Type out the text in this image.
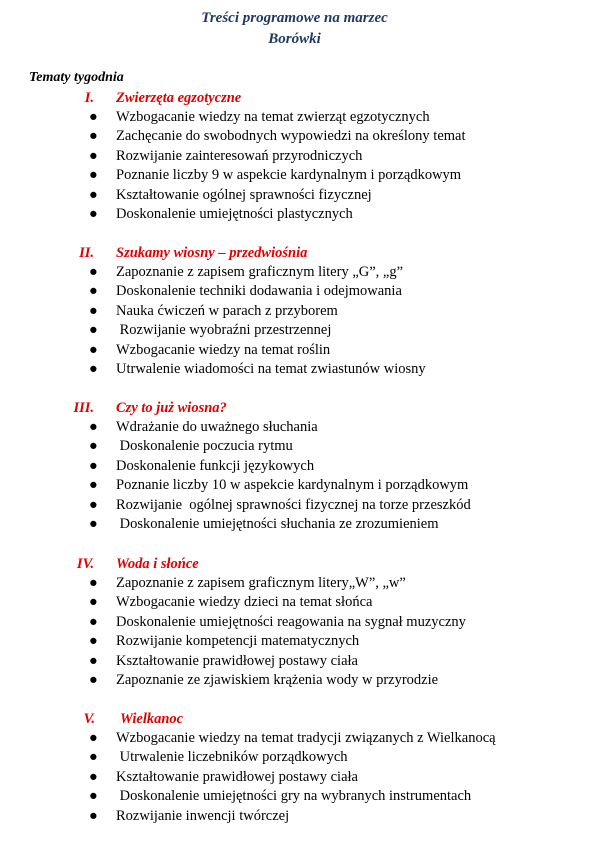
Treści programowe na marzec
Borówki
Tematy tygodnia
I. Zwierzęta egzotyczne
● Wzbogacanie wiedzy na temat zwierząt egzotycznych
● Zachęcanie do swobodnych wypowiedzi na określony temat
● Rozwijanie zainteresowań przyrodniczych
● Poznanie liczby 9 w aspekcie kardynalnym i porządkowym
● Kształtowanie ogólnej sprawności fizycznej
● Doskonalenie umiejętności plastycznych
II. Szukamy wiosny – przedwiośnia
● Zapoznanie z zapisem graficznym litery „G”, „g”
● Doskonalenie techniki dodawania i odejmowania
● Nauka ćwiczeń w parach z przyborem
● Rozwijanie wyobraźni przestrzennej
● Wzbogacanie wiedzy na temat roślin
● Utrwalenie wiadomości na temat zwiastunów wiosny
III. Czy to już wiosna?
● Wdrażanie do uważnego słuchania
● Doskonalenie poczucia rytmu
● Doskonalenie funkcji językowych
● Poznanie liczby 10 w aspekcie kardynalnym i porządkowym
● Rozwijanie  ogólnej sprawności fizycznej na torze przeszkód
● Doskonalenie umiejętności słuchania ze zrozumieniem
IV. Woda i słońce
● Zapoznanie z zapisem graficznym litery„W”, „w”
● Wzbogacanie wiedzy dzieci na temat słońca
● Doskonalenie umiejętności reagowania na sygnał muzyczny
● Rozwijanie kompetencji matematycznych
● Kształtowanie prawidłowej postawy ciała
● Zapoznanie ze zjawiskiem krążenia wody w przyrodzie
V. Wielkanoc
● Wzbogacanie wiedzy na temat tradycji związanych z Wielkanocą
● Utrwalenie liczebników porządkowych
● Kształtowanie prawidłowej postawy ciała
● Doskonalenie umiejętności gry na wybranych instrumentach
● Rozwijanie inwencji twórczej
